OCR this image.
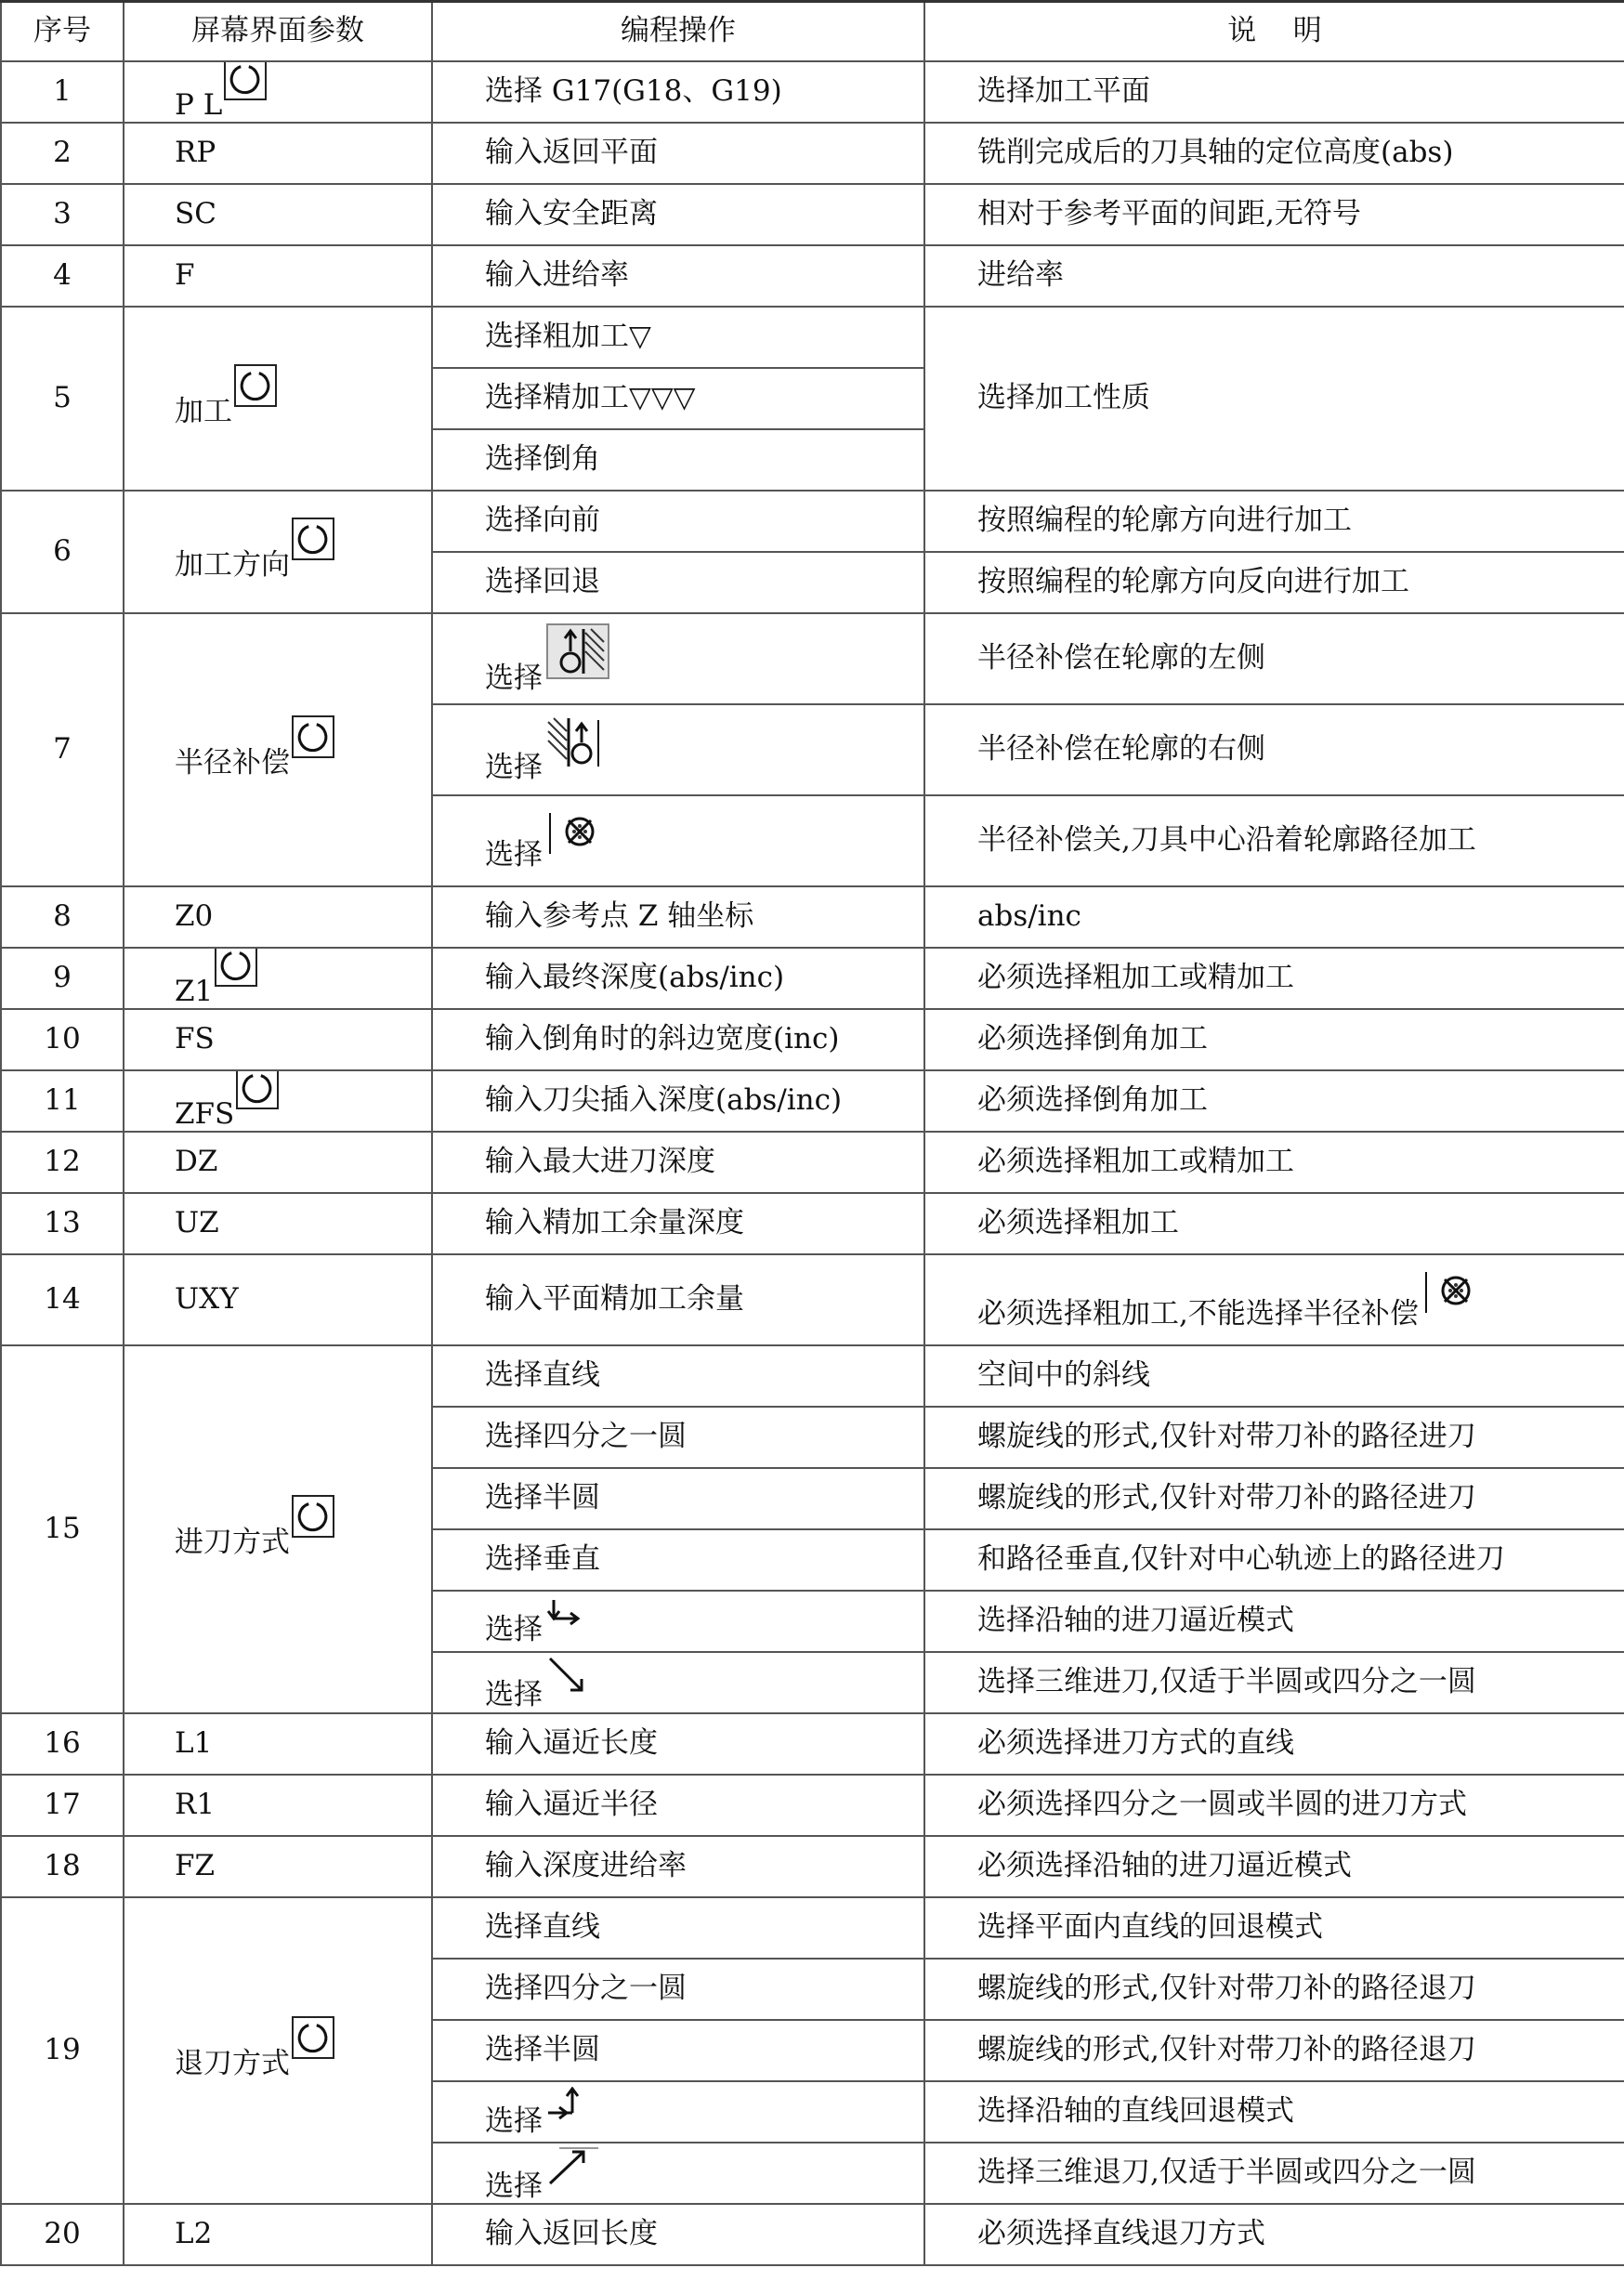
序号	屏幕界面参数	编程操作	说    明
1	P L	选择 G17(G18、G19)	选择加工平面
2	RP	输入返回平面	铣削完成后的刀具轴的定位高度(abs)
3	SC	输入安全距离	相对于参考平面的间距,无符号
4	F	输入进给率	进给率
5	加工	选择粗加工▽	选择加工性质
		选择精加工▽▽▽	
		选择倒角	
6	加工方向	选择向前	按照编程的轮廓方向进行加工
		选择回退	按照编程的轮廓方向反向进行加工
7	半径补偿	选择	半径补偿在轮廓的左侧

		选择	半径补偿在轮廓的右侧

		选择	半径补偿关,刀具中心沿着轮廓路径加工
8	Z0	输入参考点 Z 轴坐标	abs/inc
9	Z1	输入最终深度(abs/inc)	必须选择粗加工或精加工
10	FS	输入倒角时的斜边宽度(inc)	必须选择倒角加工
11	ZFS	输入刀尖插入深度(abs/inc)	必须选择倒角加工
12	DZ	输入最大进刀深度	必须选择粗加工或精加工
13	UZ	输入精加工余量深度	必须选择粗加工
14	UXY	输入平面精加工余量	必须选择粗加工,不能选择半径补偿

15	进刀方式	选择直线	空间中的斜线
		选择四分之一圆	螺旋线的形式,仅针对带刀补的路径进刀
		选择半圆	螺旋线的形式,仅针对带刀补的路径进刀
		选择垂直	和路径垂直,仅针对中心轨迹上的路径进刀

		选择	选择沿轴的进刀逼近模式

		选择	选择三维进刀,仅适于半圆或四分之一圆
16	L1	输入逼近长度	必须选择进刀方式的直线
17	R1	输入逼近半径	必须选择四分之一圆或半圆的进刀方式
18	FZ	输入深度进给率	必须选择沿轴的进刀逼近模式
19	退刀方式	选择直线	选择平面内直线的回退模式
		选择四分之一圆	螺旋线的形式,仅针对带刀补的路径退刀
		选择半圆	螺旋线的形式,仅针对带刀补的路径退刀

		选择	选择沿轴的直线回退模式

		选择	选择三维退刀,仅适于半圆或四分之一圆
20	L2	输入返回长度	必须选择直线退刀方式
